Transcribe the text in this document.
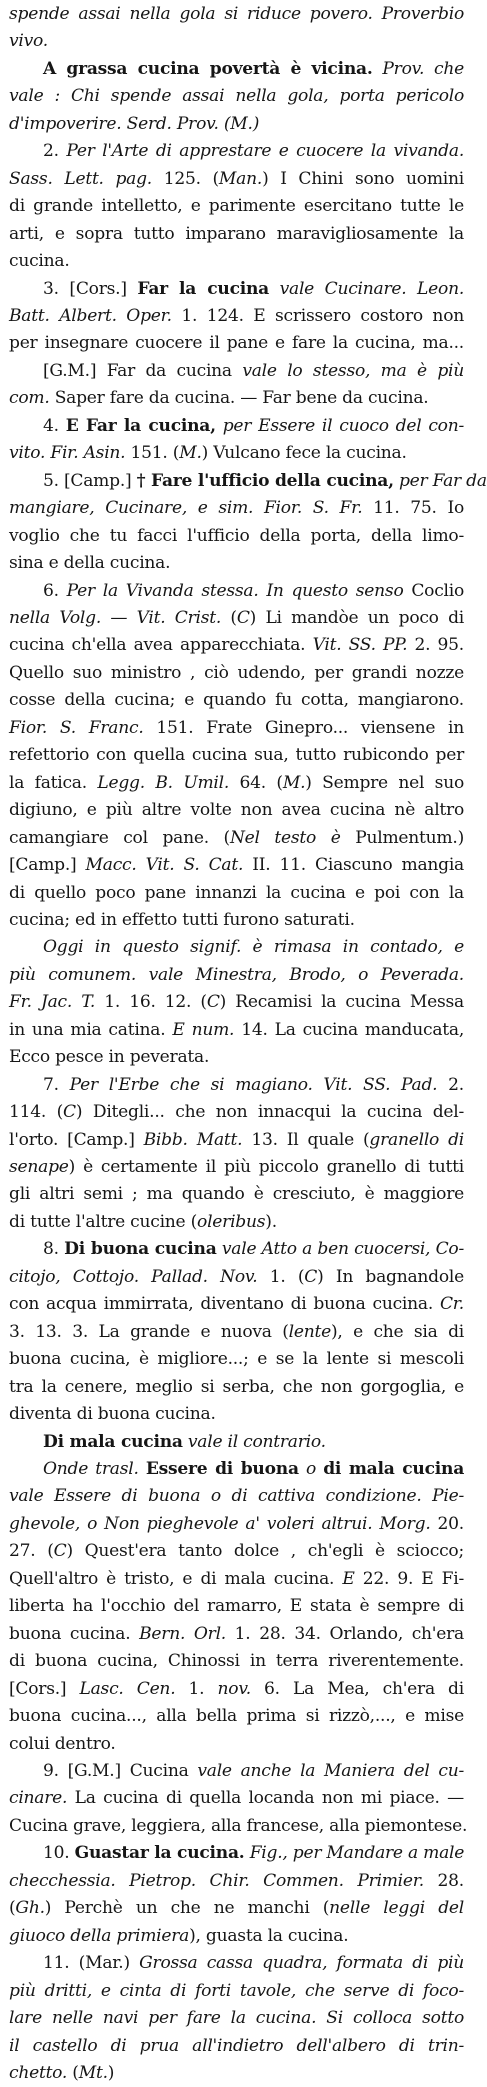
spende assai nella gola si riduce povero. Proverbio
vivo.
A grassa cucina povertà è vicina. Prov. che
vale : Chi spende assai nella gola, porta pericolo
d'impoverire. Serd. Prov. (M.)
2. Per l'Arte di apprestare e cuocere la vivanda.
Sass. Lett. pag. 125. (Man.) I Chini sono uomini
di grande intelletto, e parimente esercitano tutte le
arti, e sopra tutto imparano maravigliosamente la
cucina.
3. [Cors.] Far la cucina vale Cucinare. Leon.
Batt. Albert. Oper. 1. 124. E scrissero costoro non
per insegnare cuocere il pane e fare la cucina, ma...
[G.M.] Far da cucina vale lo stesso, ma è più
com. Saper fare da cucina. — Far bene da cucina.
4. E Far la cucina, per Essere il cuoco del con-
vito. Fir. Asin. 151. (M.) Vulcano fece la cucina.
5. [Camp.] † Fare l'ufficio della cucina, per Far da
mangiare, Cucinare, e sim. Fior. S. Fr. 11. 75. Io
voglio che tu facci l'ufficio della porta, della limo-
sina e della cucina.
6. Per la Vivanda stessa. In questo senso Coclio
nella Volg. — Vit. Crist. (C) Li mandòe un poco di
cucina ch'ella avea apparecchiata. Vit. SS. PP. 2. 95.
Quello suo ministro , ciò udendo, per grandi nozze
cosse della cucina; e quando fu cotta, mangiarono.
Fior. S. Franc. 151. Frate Ginepro... viensene in
refettorio con quella cucina sua, tutto rubicondo per
la fatica. Legg. B. Umil. 64. (M.) Sempre nel suo
digiuno, e più altre volte non avea cucina nè altro
camangiare col pane. (Nel testo è Pulmentum.)
[Camp.] Macc. Vit. S. Cat. II. 11. Ciascuno mangia
di quello poco pane innanzi la cucina e poi con la
cucina; ed in effetto tutti furono saturati.
Oggi in questo signif. è rimasa in contado, e
più comunem. vale Minestra, Brodo, o Peverada.
Fr. Jac. T. 1. 16. 12. (C) Recamisi la cucina Messa
in una mia catina. E num. 14. La cucina manducata,
Ecco pesce in peverata.
7. Per l'Erbe che si magiano. Vit. SS. Pad. 2.
114. (C) Ditegli... che non innacqui la cucina del-
l'orto. [Camp.] Bibb. Matt. 13. Il quale (granello di
senape) è certamente il più piccolo granello di tutti
gli altri semi ; ma quando è cresciuto, è maggiore
di tutte l'altre cucine (oleribus).
8. Di buona cucina vale Atto a ben cuocersi, Co-
citojo, Cottojo. Pallad. Nov. 1. (C) In bagnandole
con acqua immirrata, diventano di buona cucina. Cr.
3. 13. 3. La grande e nuova (lente), e che sia di
buona cucina, è migliore...; e se la lente si mescoli
tra la cenere, meglio si serba, che non gorgoglia, e
diventa di buona cucina.
Di mala cucina vale il contrario.
Onde trasl. Essere di buona o di mala cucina
vale Essere di buona o di cattiva condizione. Pie-
ghevole, o Non pieghevole a' voleri altrui. Morg. 20.
27. (C) Quest'era tanto dolce , ch'egli è sciocco;
Quell'altro è tristo, e di mala cucina. E 22. 9. E Fi-
liberta ha l'occhio del ramarro, E stata è sempre di
buona cucina. Bern. Orl. 1. 28. 34. Orlando, ch'era
di buona cucina, Chinossi in terra riverentemente.
[Cors.] Lasc. Cen. 1. nov. 6. La Mea, ch'era di
buona cucina..., alla bella prima si rizzò,..., e mise
colui dentro.
9. [G.M.] Cucina vale anche la Maniera del cu-
cinare. La cucina di quella locanda non mi piace. —
Cucina grave, leggiera, alla francese, alla piemontese.
10. Guastar la cucina. Fig., per Mandare a male
checchessia. Pietrop. Chir. Commen. Primier. 28.
(Gh.) Perchè un che ne manchi (nelle leggi del
giuoco della primiera), guasta la cucina.
11. (Mar.) Grossa cassa quadra, formata di più
più dritti, e cinta di forti tavole, che serve di foco-
lare nelle navi per fare la cucina. Si colloca sotto
il castello di prua all'indietro dell'albero di trin-
chetto. (Mt.)
